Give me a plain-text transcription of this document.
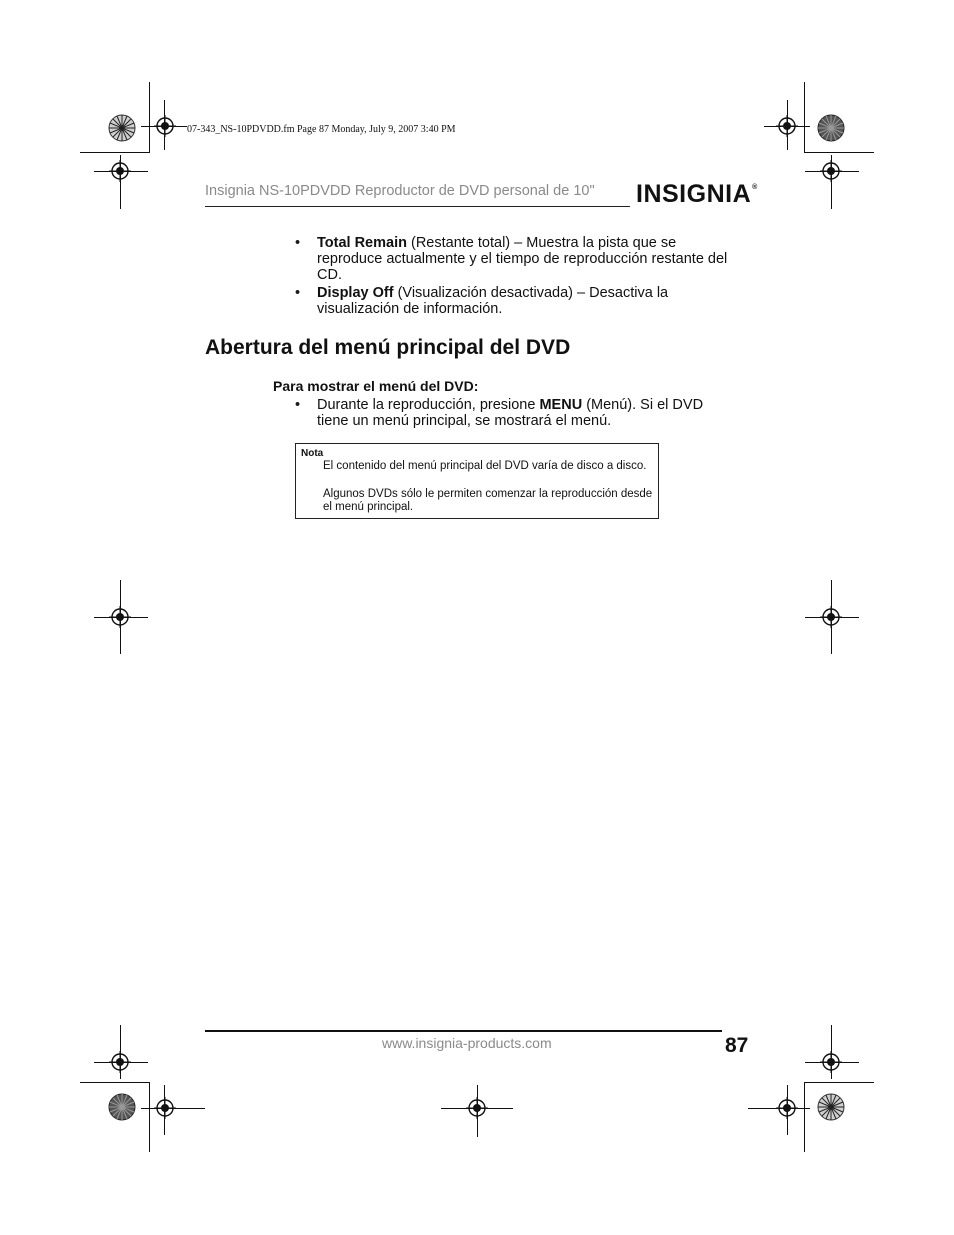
07-343_NS-10PDVDD.fm Page 87 Monday, July 9, 2007 3:40 PM
Insignia NS-10PDVDD Reproductor de DVD personal de 10" INSIGNIA®
• Total Remain (Restante total) – Muestra la pista que se reproduce actualmente y el tiempo de reproducción restante del CD.
• Display Off (Visualización desactivada) – Desactiva la visualización de información.
Abertura del menú principal del DVD
Para mostrar el menú del DVD:
• Durante la reproducción, presione MENU (Menú). Si el DVD tiene un menú principal, se mostrará el menú.
Nota
El contenido del menú principal del DVD varía de disco a disco.
Algunos DVDs sólo le permiten comenzar la reproducción desde el menú principal.
www.insignia-products.com	87
